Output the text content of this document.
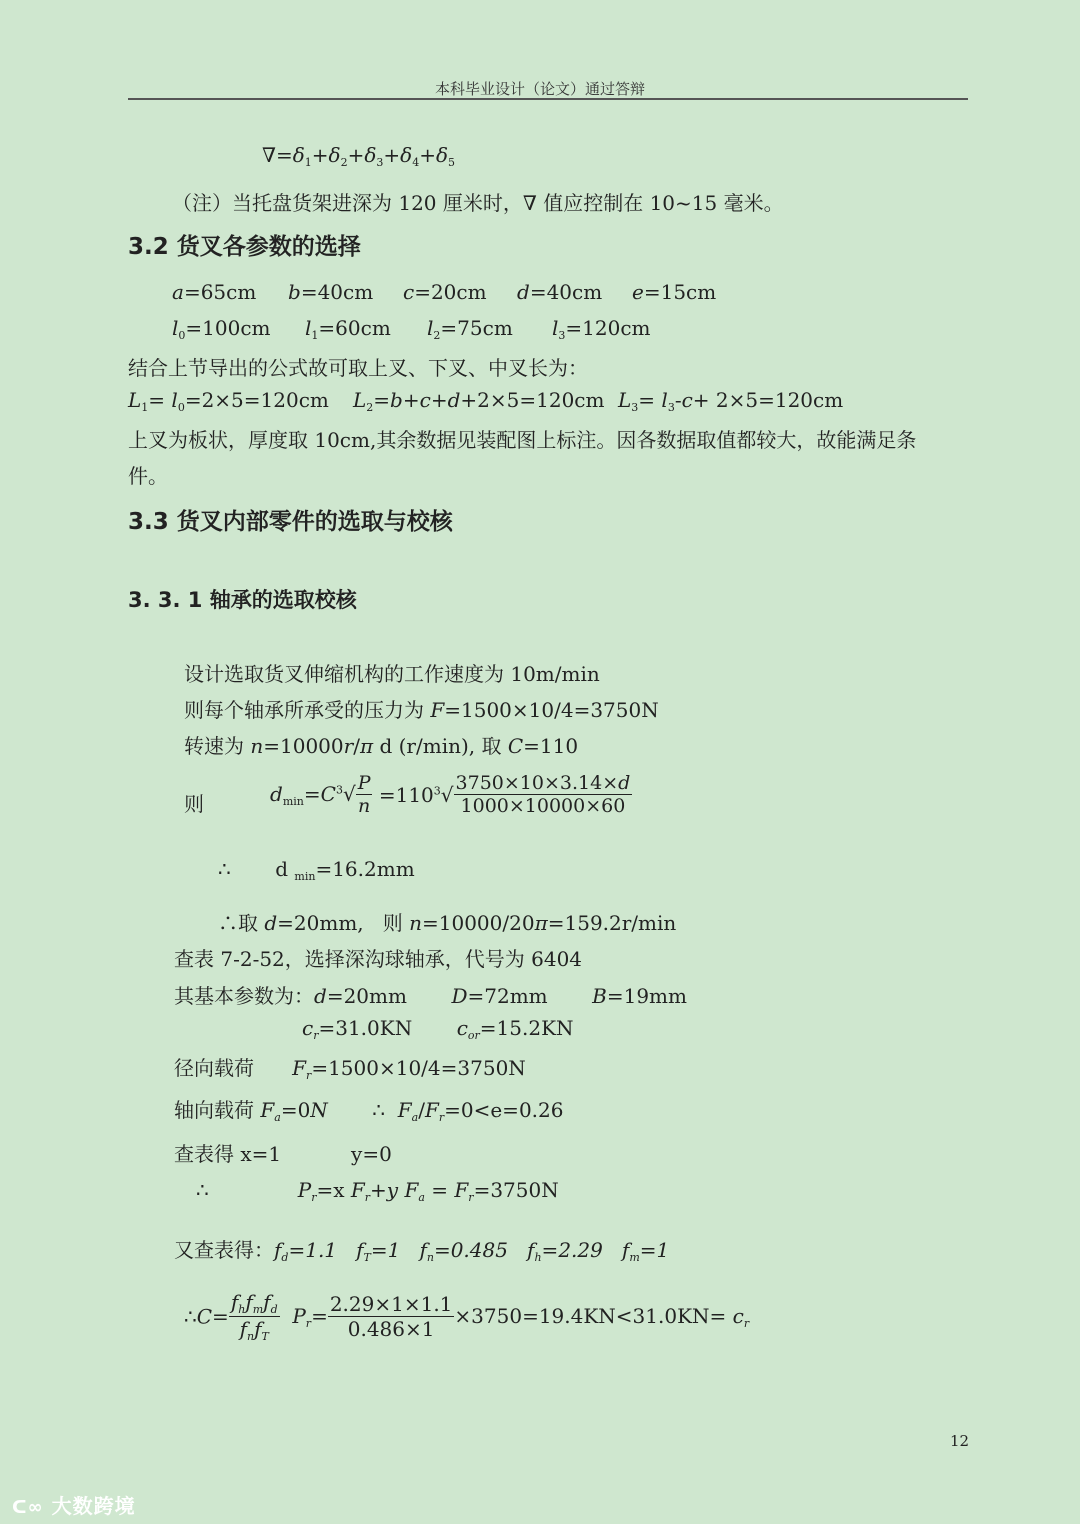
本科毕业设计（论文）通过答辩
$\nabla=\delta_1+\delta_2+\delta_3+\delta_4+\delta_5$
（注）当托盘货架进深为 120 厘米时，∇ 值应控制在 10~15 毫米。
3.2 货叉各参数的选择
a=65cm b=40cm c=20cm d=40cm e=15cm
$l_0=100cm$ $l_1=60cm$ $l_2=75cm$ $l_3=120cm$
结合上节导出的公式故可取上叉、下叉、中叉长为：
$L_1= l_0=2\times 5=120cm$ $L_2=b+c+d+2\times 5=120cm$ $L_3= l_3-c+ 2\times 5=120cm$
上叉为板状，厚度取 10cm,其余数据见装配图上标注。因各数据取值都较大，故能满足条
件。
3.3 货叉内部零件的选取与校核
3. 3. 1 轴承的选取校核
设计选取货叉伸缩机构的工作速度为 10m/min
则每个轴承所承受的压力为 F=1500×10/4=3750N
转速为 n=10000r/π d (r/min), 取 C=110
则	$d_{min}=C^3√ \frac{P}{n} =110^3√ \frac{3750\times 10\times 3.14\times d}{1000\times 10000\times 60}$
∴       d $_{min}$=16.2mm
∴取 d=20mm,   则 n=10000/20π=159.2r/min
查表 7-2-52，选择深沟球轴承，代号为 6404
其基本参数为：d=20mm       D=72mm       B=19mm
$c_r=31.0KN$       $c_{or}=15.2KN$
径向载荷      $F_r=1500\times 10/4=3750N$
轴向载荷 $F_a=0N$       ∴  $F_a/F_r=0<e=0.26$
查表得 x=1           y=0
∴              $P_r=x$ $F_r+y$ $F_a = F_r=3750N$
又查表得：$f_d=1.1$ $f_T=1$ $f_n=0.485$ $f_h=2.29$ $f_m=1$
∴C= $\frac{f_hf_mf_d}{f_nf_T} P_r= \frac{2.29\times 1\times 1.1}{0.486\times 1} \times 3750=19.4KN<31.0KN= c_r$
12
ᑕ∞ 大数跨境
